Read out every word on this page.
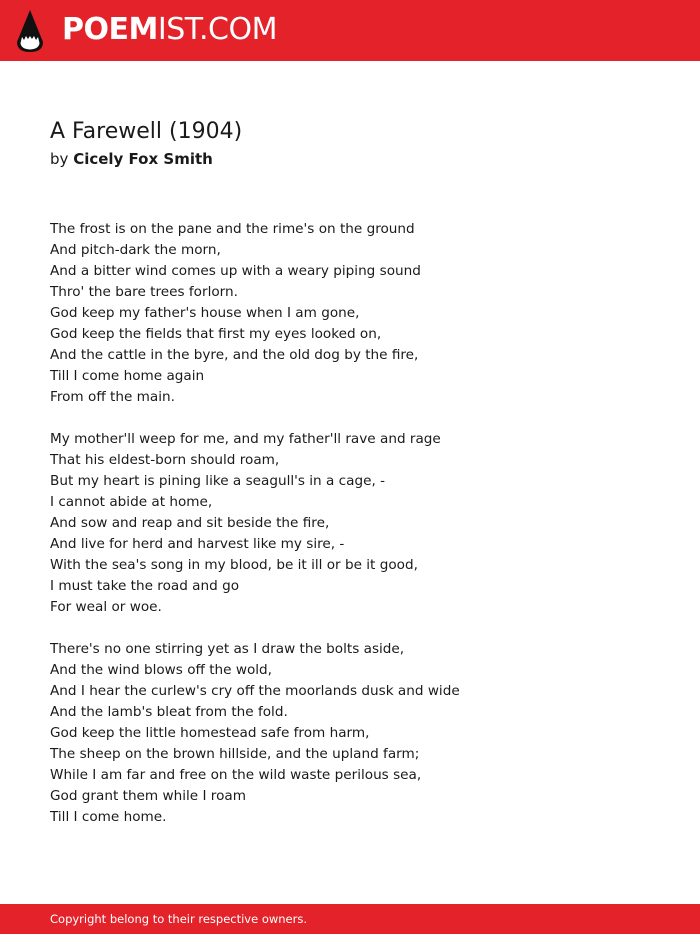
POEMIST.COM
A Farewell (1904)
by Cicely Fox Smith
The frost is on the pane and the rime's on the ground
And pitch-dark the morn,
And a bitter wind comes up with a weary piping sound
Thro' the bare trees forlorn.
God keep my father's house when I am gone,
God keep the fields that first my eyes looked on,
And the cattle in the byre, and the old dog by the fire,
Till I come home again
From off the main.
My mother'll weep for me, and my father'll rave and rage
That his eldest-born should roam,
But my heart is pining like a seagull's in a cage, -
I cannot abide at home,
And sow and reap and sit beside the fire,
And live for herd and harvest like my sire, -
With the sea's song in my blood, be it ill or be it good,
I must take the road and go
For weal or woe.
There's no one stirring yet as I draw the bolts aside,
And the wind blows off the wold,
And I hear the curlew's cry off the moorlands dusk and wide
And the lamb's bleat from the fold.
God keep the little homestead safe from harm,
The sheep on the brown hillside, and the upland farm;
While I am far and free on the wild waste perilous sea,
God grant them while I roam
Till I come home.
Copyright belong to their respective owners.
